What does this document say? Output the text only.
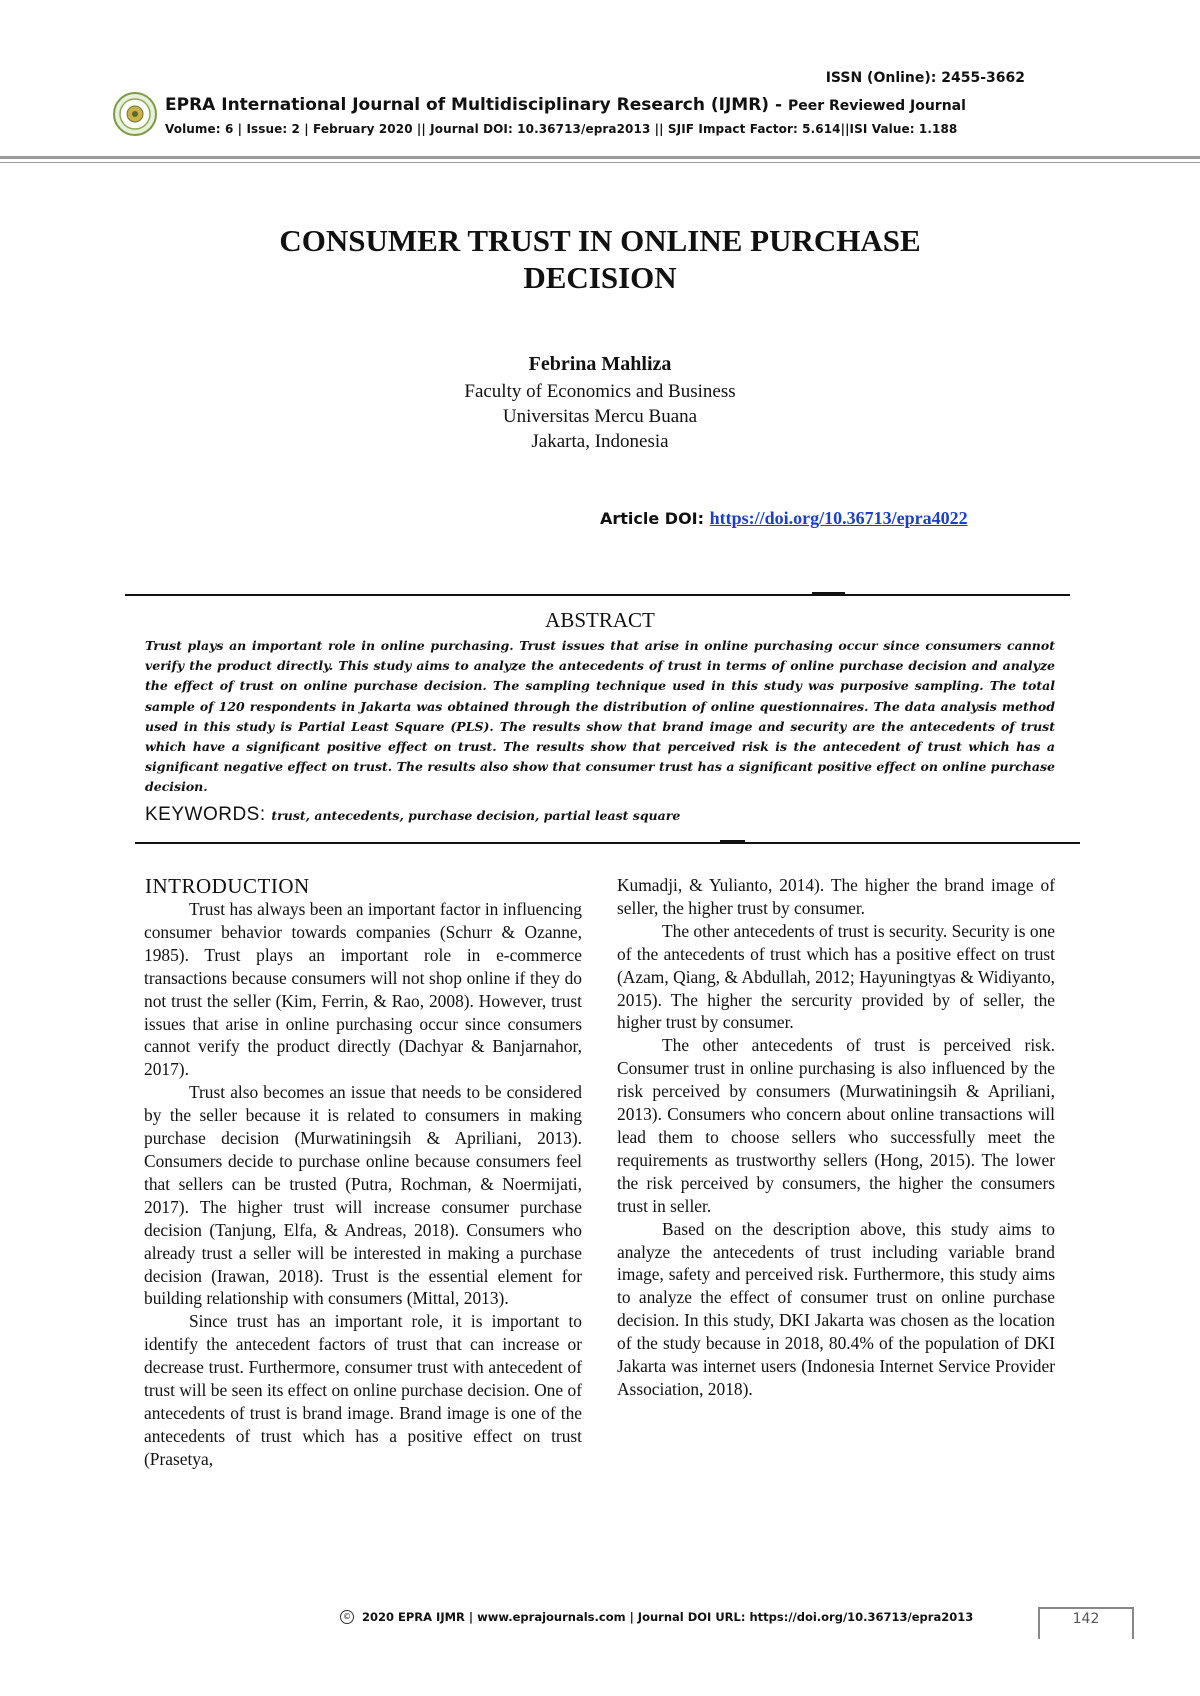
ISSN (Online): 2455-3662
EPRA International Journal of Multidisciplinary Research (IJMR) - Peer Reviewed Journal
Volume: 6 | Issue: 2 | February 2020 || Journal DOI: 10.36713/epra2013 || SJIF Impact Factor: 5.614||ISI Value: 1.188
CONSUMER TRUST IN ONLINE PURCHASE
DECISION
Febrina Mahliza
Faculty of Economics and Business
Universitas Mercu Buana
Jakarta, Indonesia
Article DOI: https://doi.org/10.36713/epra4022
ABSTRACT
Trust plays an important role in online purchasing. Trust issues that arise in online purchasing occur since consumers cannot verify the product directly. This study aims to analyze the antecedents of trust in terms of online purchase decision and analyze the effect of trust on online purchase decision. The sampling technique used in this study was purposive sampling. The total sample of 120 respondents in Jakarta was obtained through the distribution of online questionnaires. The data analysis method used in this study is Partial Least Square (PLS). The results show that brand image and security are the antecedents of trust which have a significant positive effect on trust. The results show that perceived risk is the antecedent of trust which has a significant negative effect on trust. The results also show that consumer trust has a significant positive effect on online purchase decision.
KEYWORDS: trust, antecedents, purchase decision, partial least square
INTRODUCTION

Trust has always been an important factor in influencing consumer behavior towards companies (Schurr & Ozanne, 1985). Trust plays an important role in e-commerce transactions because consumers will not shop online if they do not trust the seller (Kim, Ferrin, & Rao, 2008). However, trust issues that arise in online purchasing occur since consumers cannot verify the product directly (Dachyar & Banjarnahor, 2017).

Trust also becomes an issue that needs to be considered by the seller because it is related to consumers in making purchase decision (Murwatiningsih & Apriliani, 2013). Consumers decide to purchase online because consumers feel that sellers can be trusted (Putra, Rochman, & Noermijati, 2017). The higher trust will increase consumer purchase decision (Tanjung, Elfa, & Andreas, 2018). Consumers who already trust a seller will be interested in making a purchase decision (Irawan, 2018). Trust is the essential element for building relationship with consumers (Mittal, 2013).

Since trust has an important role, it is important to identify the antecedent factors of trust that can increase or decrease trust. Furthermore, consumer trust with antecedent of trust will be seen its effect on online purchase decision. One of antecedents of trust is brand image. Brand image is one of the antecedents of trust which has a positive effect on trust (Prasetya,

Kumadji, & Yulianto, 2014). The higher the brand image of seller, the higher trust by consumer.

The other antecedents of trust is security. Security is one of the antecedents of trust which has a positive effect on trust (Azam, Qiang, & Abdullah, 2012; Hayuningtyas & Widiyanto, 2015). The higher the sercurity provided by of seller, the higher trust by consumer.

The other antecedents of trust is perceived risk. Consumer trust in online purchasing is also influenced by the risk perceived by consumers (Murwatiningsih & Apriliani, 2013). Consumers who concern about online transactions will lead them to choose sellers who successfully meet the requirements as trustworthy sellers (Hong, 2015). The lower the risk perceived by consumers, the higher the consumers trust in seller.

Based on the description above, this study aims to analyze the antecedents of trust including variable brand image, safety and perceived risk. Furthermore, this study aims to analyze the effect of consumer trust on online purchase decision. In this study, DKI Jakarta was chosen as the location of the study because in 2018, 80.4% of the population of DKI Jakarta was internet users (Indonesia Internet Service Provider Association, 2018).

© 2020 EPRA IJMR | www.eprajournals.com | Journal DOI URL: https://doi.org/10.36713/epra2013	142
